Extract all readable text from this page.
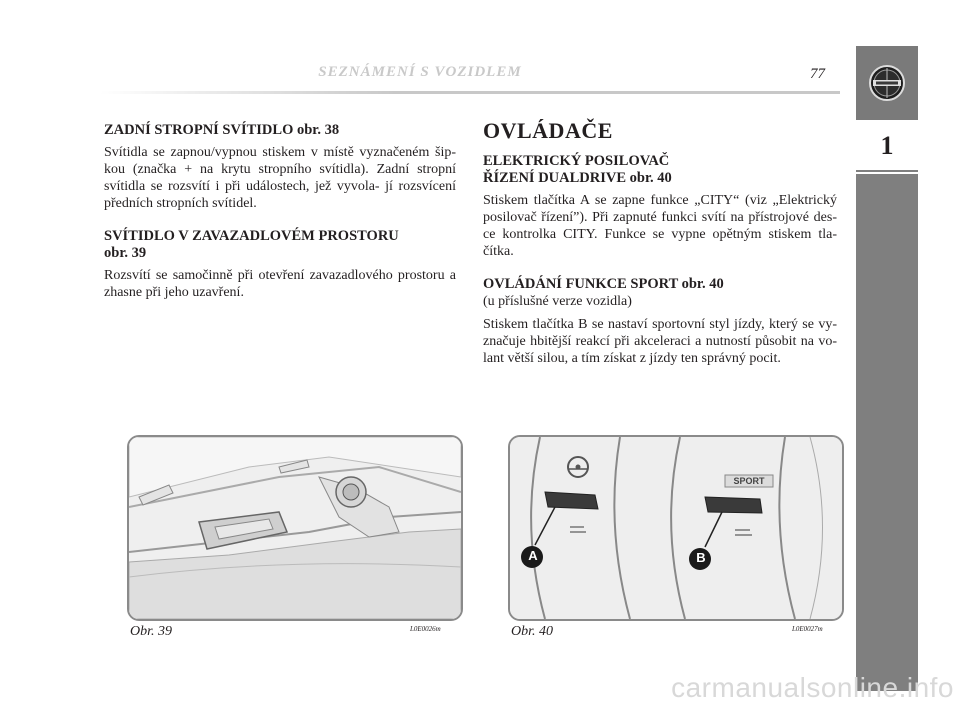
SEZNÁMENÍ S VOZIDLEM	77
1
ZADNÍ STROPNÍ SVÍTIDLO obr. 38
Svítidla se zapnou/vypnou stiskem v místě vyznačeném šip- kou (značka + na krytu stropního svítidla). Zadní stropní svítidla se rozsvítí i při událostech, jež vyvola- jí rozsvícení předních stropních svítidel.
SVÍTIDLO V ZAVAZADLOVÉM PROSTORU
obr. 39
Rozsvítí se samočinně při otevření zavazadlového prostoru a zhasne při jeho uzavření.
OVLÁDAČE
ELEKTRICKÝ POSILOVAČ
ŘÍZENÍ DUALDRIVE obr. 40
Stiskem tlačítka A se zapne funkce „CITY“ (viz „Elektrický posilovač řízení”). Při zapnuté funkci svítí na přístrojové des- ce kontrolka CITY. Funkce se vypne opětným stiskem tla- čítka.
OVLÁDÁNÍ FUNKCE SPORT obr. 40
(u příslušné verze vozidla)
Stiskem tlačítka B se nastaví sportovní styl jízdy, který se vy- značuje hbitější reakcí při akceleraci a nutností působit na vo- lant větší silou, a tím získat z jízdy ten správný pocit.
Obr. 39	L0E0026m
A	B
SPORT
Obr. 40	L0E0027m
carmanualsonline.info
